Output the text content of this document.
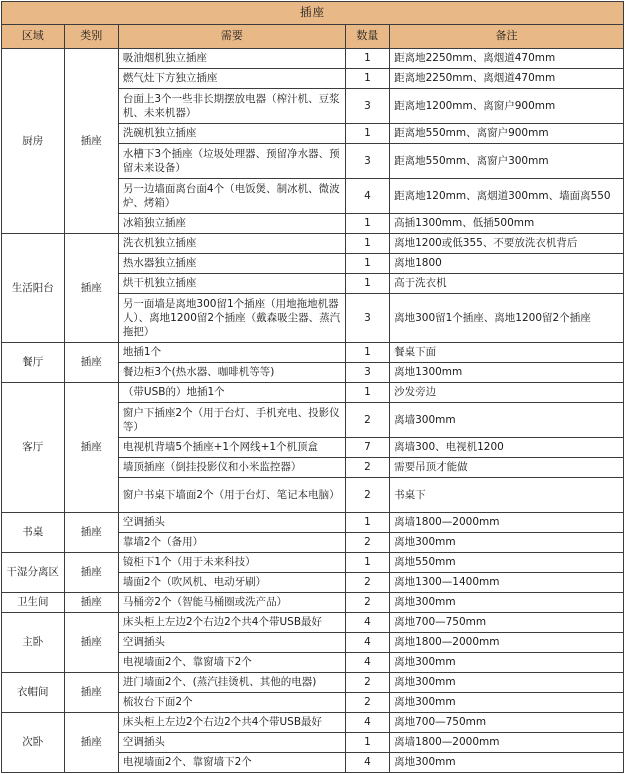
插座				
区域	类别	需要	数量	备注
厨房	插座	吸油烟机独立插座	1	距离地2250mm、离烟道470mm
		燃气灶下方独立插座	1	距离地2250mm、离烟道470mm
		台面上3个一些非长期摆放电器（榨汁机、豆浆机、未来机器）	3	距离地1200mm、离窗户900mm
		洗碗机独立插座	1	距离地550mm、离窗户900mm
		水槽下3个插座（垃圾处理器、预留净水器、预留未来设备）	3	距离地550mm、离窗户300mm
		另一边墙面离台面4个（电饭煲、制冰机、微波炉、烤箱）	4	距离地120mm、离烟道300mm、墙面离550
		冰箱独立插座	1	高插1300mm、低插500mm
生活阳台	插座	洗衣机独立插座	1	离地1200或低355、不要放洗衣机背后
		热水器独立插座	1	离地1800
		烘干机独立插座	1	高于洗衣机
		另一面墙是离地300留1个插座（用地拖地机器人）、离地1200留2个插座（戴森吸尘器、蒸汽拖把）	3	离地300留1个插座、离地1200留2个插座
餐厅	插座	地插1个	1	餐桌下面
		餐边柜3个(热水器、咖啡机等等)	3	离地1300mm
客厅	插座	（带USB的）地插1个	1	沙发旁边
		窗户下插座2个（用于台灯、手机充电、投影仪等）	2	离墙300mm
		电视机背墙5个插座+1个网线+1个机顶盒	7	离墙300、电视机1200
		墙顶插座（倒挂投影仪和小米监控器）	2	需要吊顶才能做
		窗户书桌下墙面2个（用于台灯、笔记本电脑）	2	书桌下
书桌	插座	空调插头	1	离墙1800—2000mm
		靠墙2个（备用）	2	离地300mm
干湿分离区	插座	镜柜下1个（用于未来科技）	1	离地550mm
		墙面2个（吹风机、电动牙刷）	2	离地1300—1400mm
卫生间	插座	马桶旁2个（智能马桶圈或洗产品）	2	离地300mm
主卧	插座	床头柜上左边2个右边2个共4个带USB最好	4	离地700—750mm
		空调插头	4	离地1800—2000mm
		电视墙面2个、靠窗墙下2个	4	离地300mm
衣帽间	插座	进门墙面2个、(蒸汽挂烫机、其他的电器)	2	离地300mm
		梳妆台下面2个	2	离地300mm
次卧	插座	床头柜上左边2个右边2个共4个带USB最好	4	离地700—750mm
		空调插头	1	离墙1800—2000mm
		电视墙面2个、靠窗墙下2个	4	离地300mm
